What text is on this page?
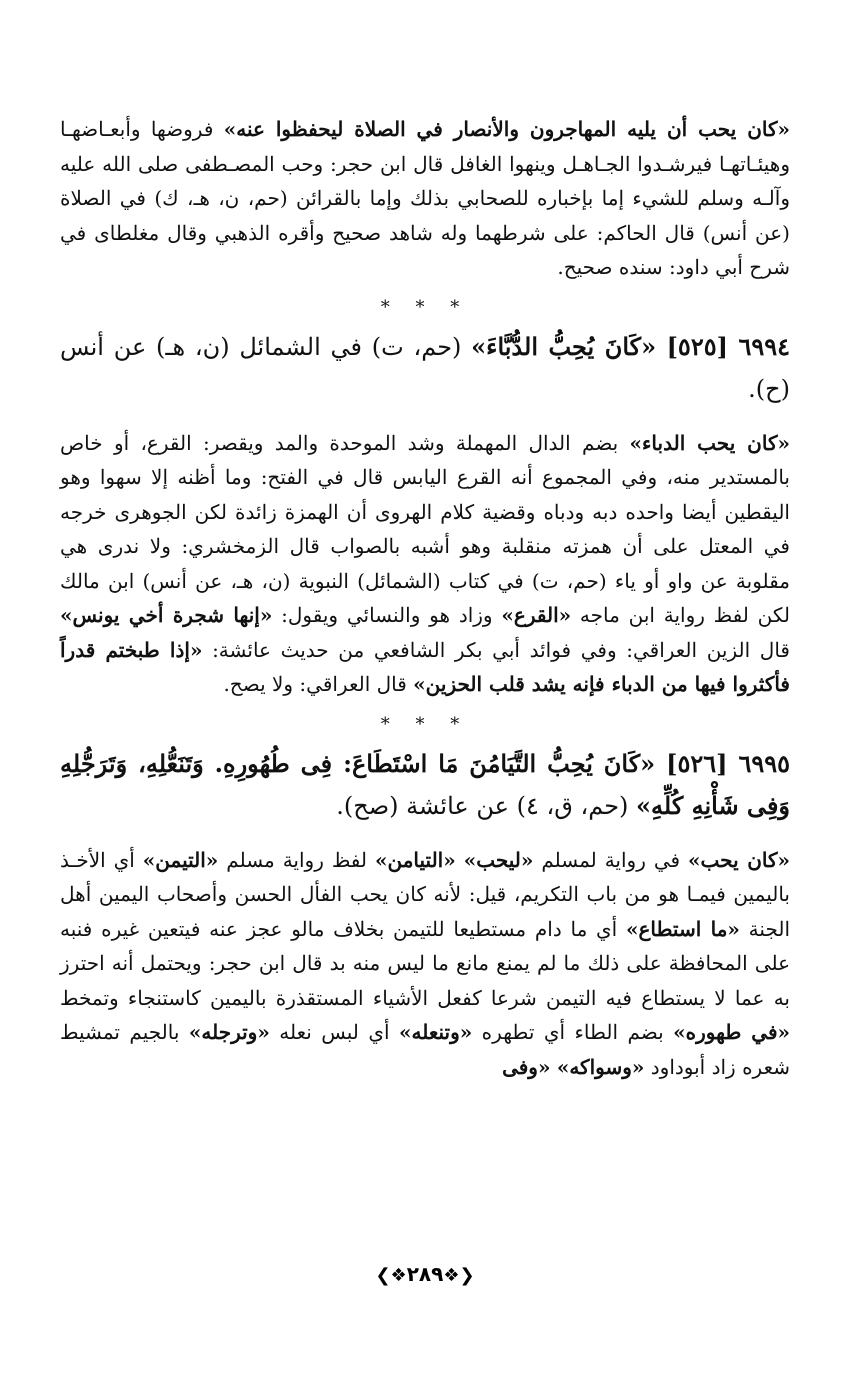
«كان يحب أن يليه المهاجرون والأنصار في الصلاة ليحفظوا عنه» فروضها وأبعـاضهـا وهيئـاتهـا فيرشـدوا الجـاهـل وينهوا الغافل قال ابن حجر: وحب المصـطفى صلى الله عليه وآلـه وسلم للشيء إما بإخباره للصحابي بذلك وإما بالقرائن (حم، ن، هـ، ك) في الصلاة (عن أنس) قال الحاكم: على شرطهما وله شاهد صحيح وأقره الذهبي وقال مغلطاى في شرح أبي داود: سنده صحيح.

* * *

٦٩٩٤ [٥٢٥] «كَانَ يُحِبُّ الدُّبَّاءَ» (حم، ت) في الشمائل (ن، هـ) عن أنس (ح).

«كان يحب الدباء» بضم الدال المهملة وشد الموحدة والمد ويقصر: القرع، أو خاص بالمستدير منه، وفي المجموع أنه القرع اليابس قال في الفتح: وما أظنه إلا سهوا وهو اليقطين أيضا واحده دبه ودباه وقضية كلام الهروى أن الهمزة زائدة لكن الجوهرى خرجه في المعتل على أن همزته منقلبة وهو أشبه بالصواب قال الزمخشري: ولا ندرى هي مقلوبة عن واو أو ياء (حم، ت) في كتاب (الشمائل) النبوية (ن، هـ، عن أنس) ابن مالك لكن لفظ رواية ابن ماجه «القرع» وزاد هو والنسائي ويقول: «إنها شجرة أخي يونس» قال الزين العراقي: وفي فوائد أبي بكر الشافعي من حديث عائشة: «إذا طبختم قدراً فأكثروا فيها من الدباء فإنه يشد قلب الحزين» قال العراقي: ولا يصح.

* * *

٦٩٩٥ [٥٢٦] «كَانَ يُحِبُّ التَّيَامُنَ مَا اسْتَطَاعَ: فِى طُهُورِهِ. وَتَنَعُّلِهِ، وَتَرَجُّلِهِ وَفِى شَأْنِهِ كُلِّهِ» (حم، ق، ٤) عن عائشة (صح).

«كان يحب» في رواية لمسلم «ليحب» «التيامن» لفظ رواية مسلم «التيمن» أي الأخـذ باليمين فيمـا هو من باب التكريم، قيل: لأنه كان يحب الفأل الحسن وأصحاب اليمين أهل الجنة «ما استطاع» أي ما دام مستطيعا للتيمن بخلاف مالو عجز عنه فيتعين غيره فنبه على المحافظة على ذلك ما لم يمنع مانع ما ليس منه بد قال ابن حجر: ويحتمل أنه احترز به عما لا يستطاع فيه التيمن شرعا كفعل الأشياء المستقذرة باليمين كاستنجاء وتمخط «في طهوره» بضم الطاء أي تطهره «وتنعله» أي لبس نعله «وترجله» بالجيم تمشيط شعره زاد أبوداود «وسواكه» «وفى

❮❖٢٨٩❖❯
